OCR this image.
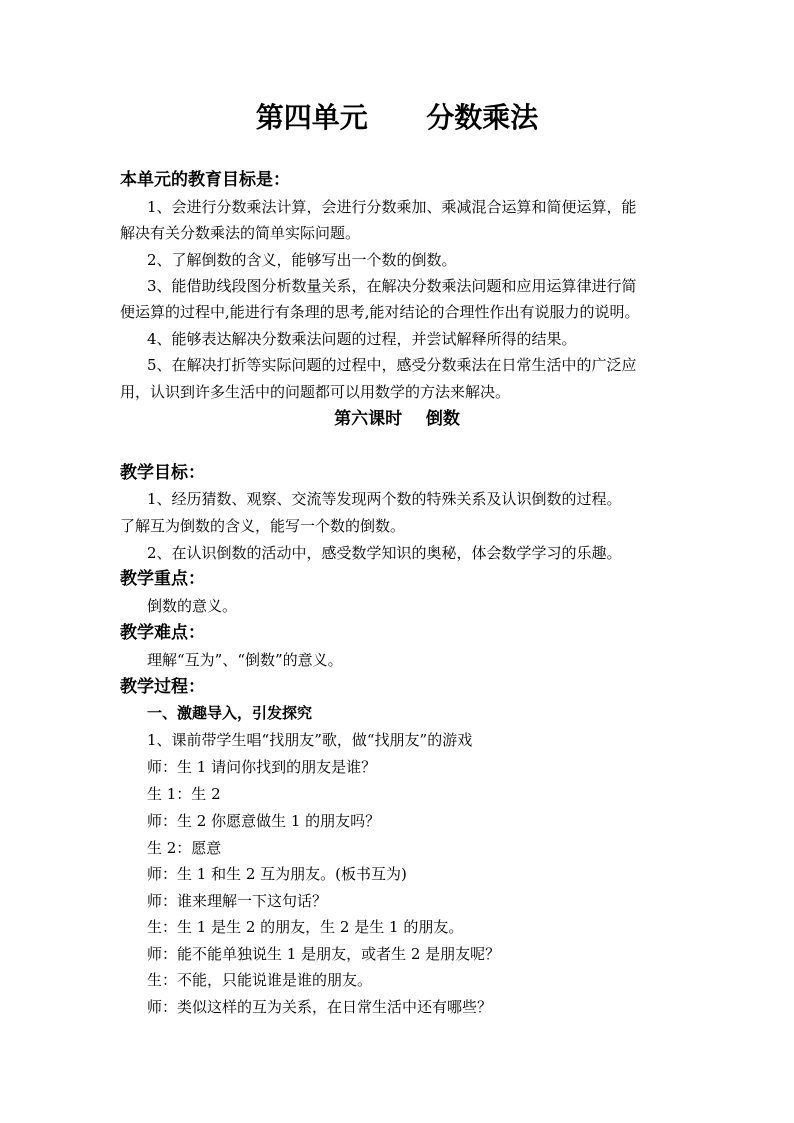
第四单元      分数乘法
本单元的教育目标是：
1、会进行分数乘法计算，会进行分数乘加、乘减混合运算和简便运算，能
解决有关分数乘法的简单实际问题。
2、了解倒数的含义，能够写出一个数的倒数。
3、能借助线段图分析数量关系，在解决分数乘法问题和应用运算律进行简
便运算的过程中,能进行有条理的思考,能对结论的合理性作出有说服力的说明。
4、能够表达解决分数乘法问题的过程，并尝试解释所得的结果。
5、在解决打折等实际问题的过程中，感受分数乘法在日常生活中的广泛应
用，认识到许多生活中的问题都可以用数学的方法来解决。
第六课时    倒数
教学目标：
1、经历猜数、观察、交流等发现两个数的特殊关系及认识倒数的过程。
了解互为倒数的含义，能写一个数的倒数。
2、在认识倒数的活动中，感受数学知识的奥秘，体会数学学习的乐趣。
教学重点：
倒数的意义。
教学难点：
理解“互为”、“倒数”的意义。
教学过程：
一、激趣导入，引发探究
1、课前带学生唱“找朋友”歌，做“找朋友”的游戏
师：生 1 请问你找到的朋友是谁？
生 1：生 2
师：生 2 你愿意做生 1 的朋友吗？
生 2：愿意
师：生 1 和生 2 互为朋友。(板书互为)
师：谁来理解一下这句话？
生：生 1 是生 2 的朋友，生 2 是生 1 的朋友。
师：能不能单独说生 1 是朋友，或者生 2 是朋友呢？
生：不能，只能说谁是谁的朋友。
师：类似这样的互为关系，在日常生活中还有哪些？
